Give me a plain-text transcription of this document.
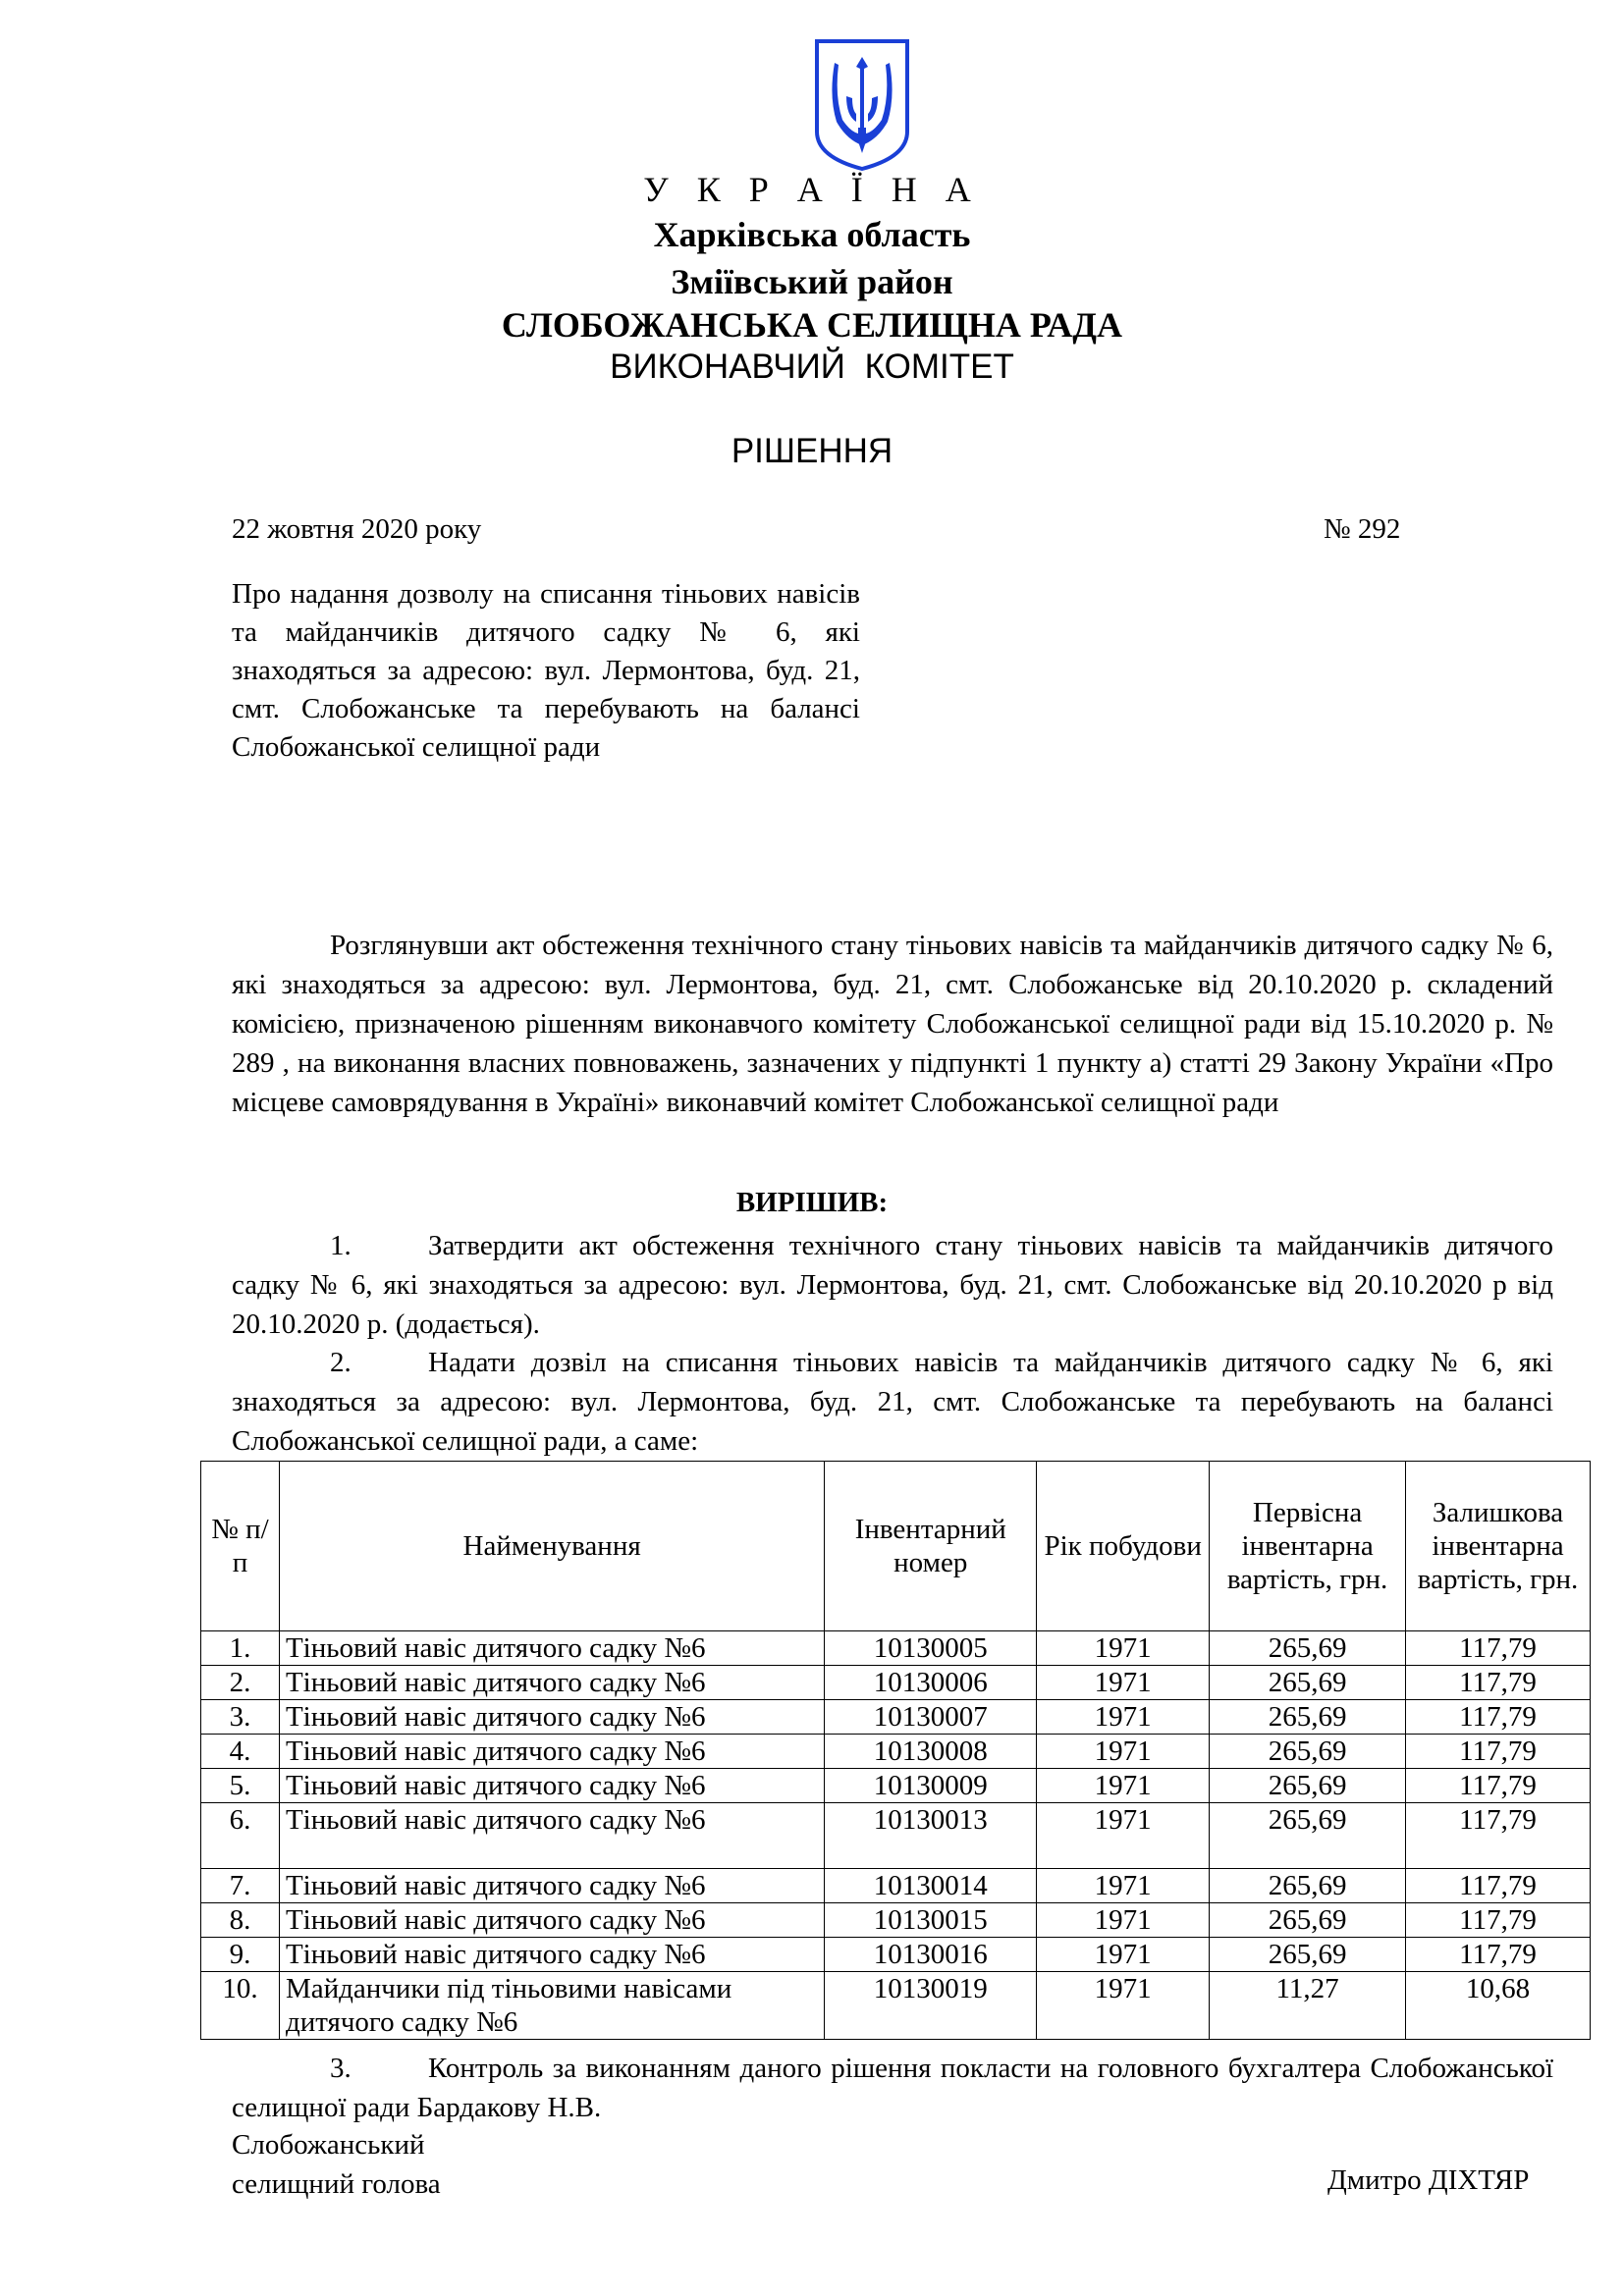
У К Р А Ї Н А
Харківська область
Зміївський район
СЛОБОЖАНСЬКА СЕЛИЩНА РАДА
ВИКОНАВЧИЙ КОМІТЕТ
РІШЕННЯ
22 жовтня 2020 року	№ 292
Про надання дозволу на списання тіньових навісів та майданчиків дитячого садку № 6, які знаходяться за адресою: вул. Лермонтова, буд. 21, смт. Слобожанське та перебувають на балансі Слобожанської селищної ради
Розглянувши акт обстеження технічного стану тіньових навісів та майданчиків дитячого садку № 6, які знаходяться за адресою: вул. Лермонтова, буд. 21, смт. Слобожанське від 20.10.2020 р. складений комісією, призначеною рішенням виконавчого комітету Слобожанської селищної ради від 15.10.2020 р. № 289 , на виконання власних повноважень, зазначених у підпункті 1 пункту а) статті 29 Закону України «Про місцеве самоврядування в Україні» виконавчий комітет Слобожанської селищної ради
ВИРІШИВ:
1.	Затвердити акт обстеження технічного стану тіньових навісів та майданчиків дитячого садку № 6, які знаходяться за адресою: вул. Лермонтова, буд. 21, смт. Слобожанське від 20.10.2020 р від 20.10.2020 р. (додається).
2.	Надати дозвіл на списання тіньових навісів та майданчиків дитячого садку № 6, які знаходяться за адресою: вул. Лермонтова, буд. 21, смт. Слобожанське та перебувають на балансі Слобожанської селищної ради, а саме:
№ п/п	Найменування	Інвентарний номер	Рік побудови	Первісна інвентарна вартість, грн.	Залишкова інвентарна вартість, грн.
1.	Тіньовий навіс дитячого садку №6	10130005	1971	265,69	117,79
2.	Тіньовий навіс дитячого садку №6	10130006	1971	265,69	117,79
3.	Тіньовий навіс дитячого садку №6	10130007	1971	265,69	117,79
4.	Тіньовий навіс дитячого садку №6	10130008	1971	265,69	117,79
5.	Тіньовий навіс дитячого садку №6	10130009	1971	265,69	117,79
6.	Тіньовий навіс дитячого садку №6	10130013	1971	265,69	117,79
7.	Тіньовий навіс дитячого садку №6	10130014	1971	265,69	117,79
8.	Тіньовий навіс дитячого садку №6	10130015	1971	265,69	117,79
9.	Тіньовий навіс дитячого садку №6	10130016	1971	265,69	117,79
10.	Майданчики під тіньовими навісами дитячого садку №6	10130019	1971	11,27	10,68
3.	Контроль за виконанням даного рішення покласти на головного бухгалтера Слобожанської селищної ради Бардакову Н.В.
Слобожанський
селищний голова	Дмитро ДІХТЯР
